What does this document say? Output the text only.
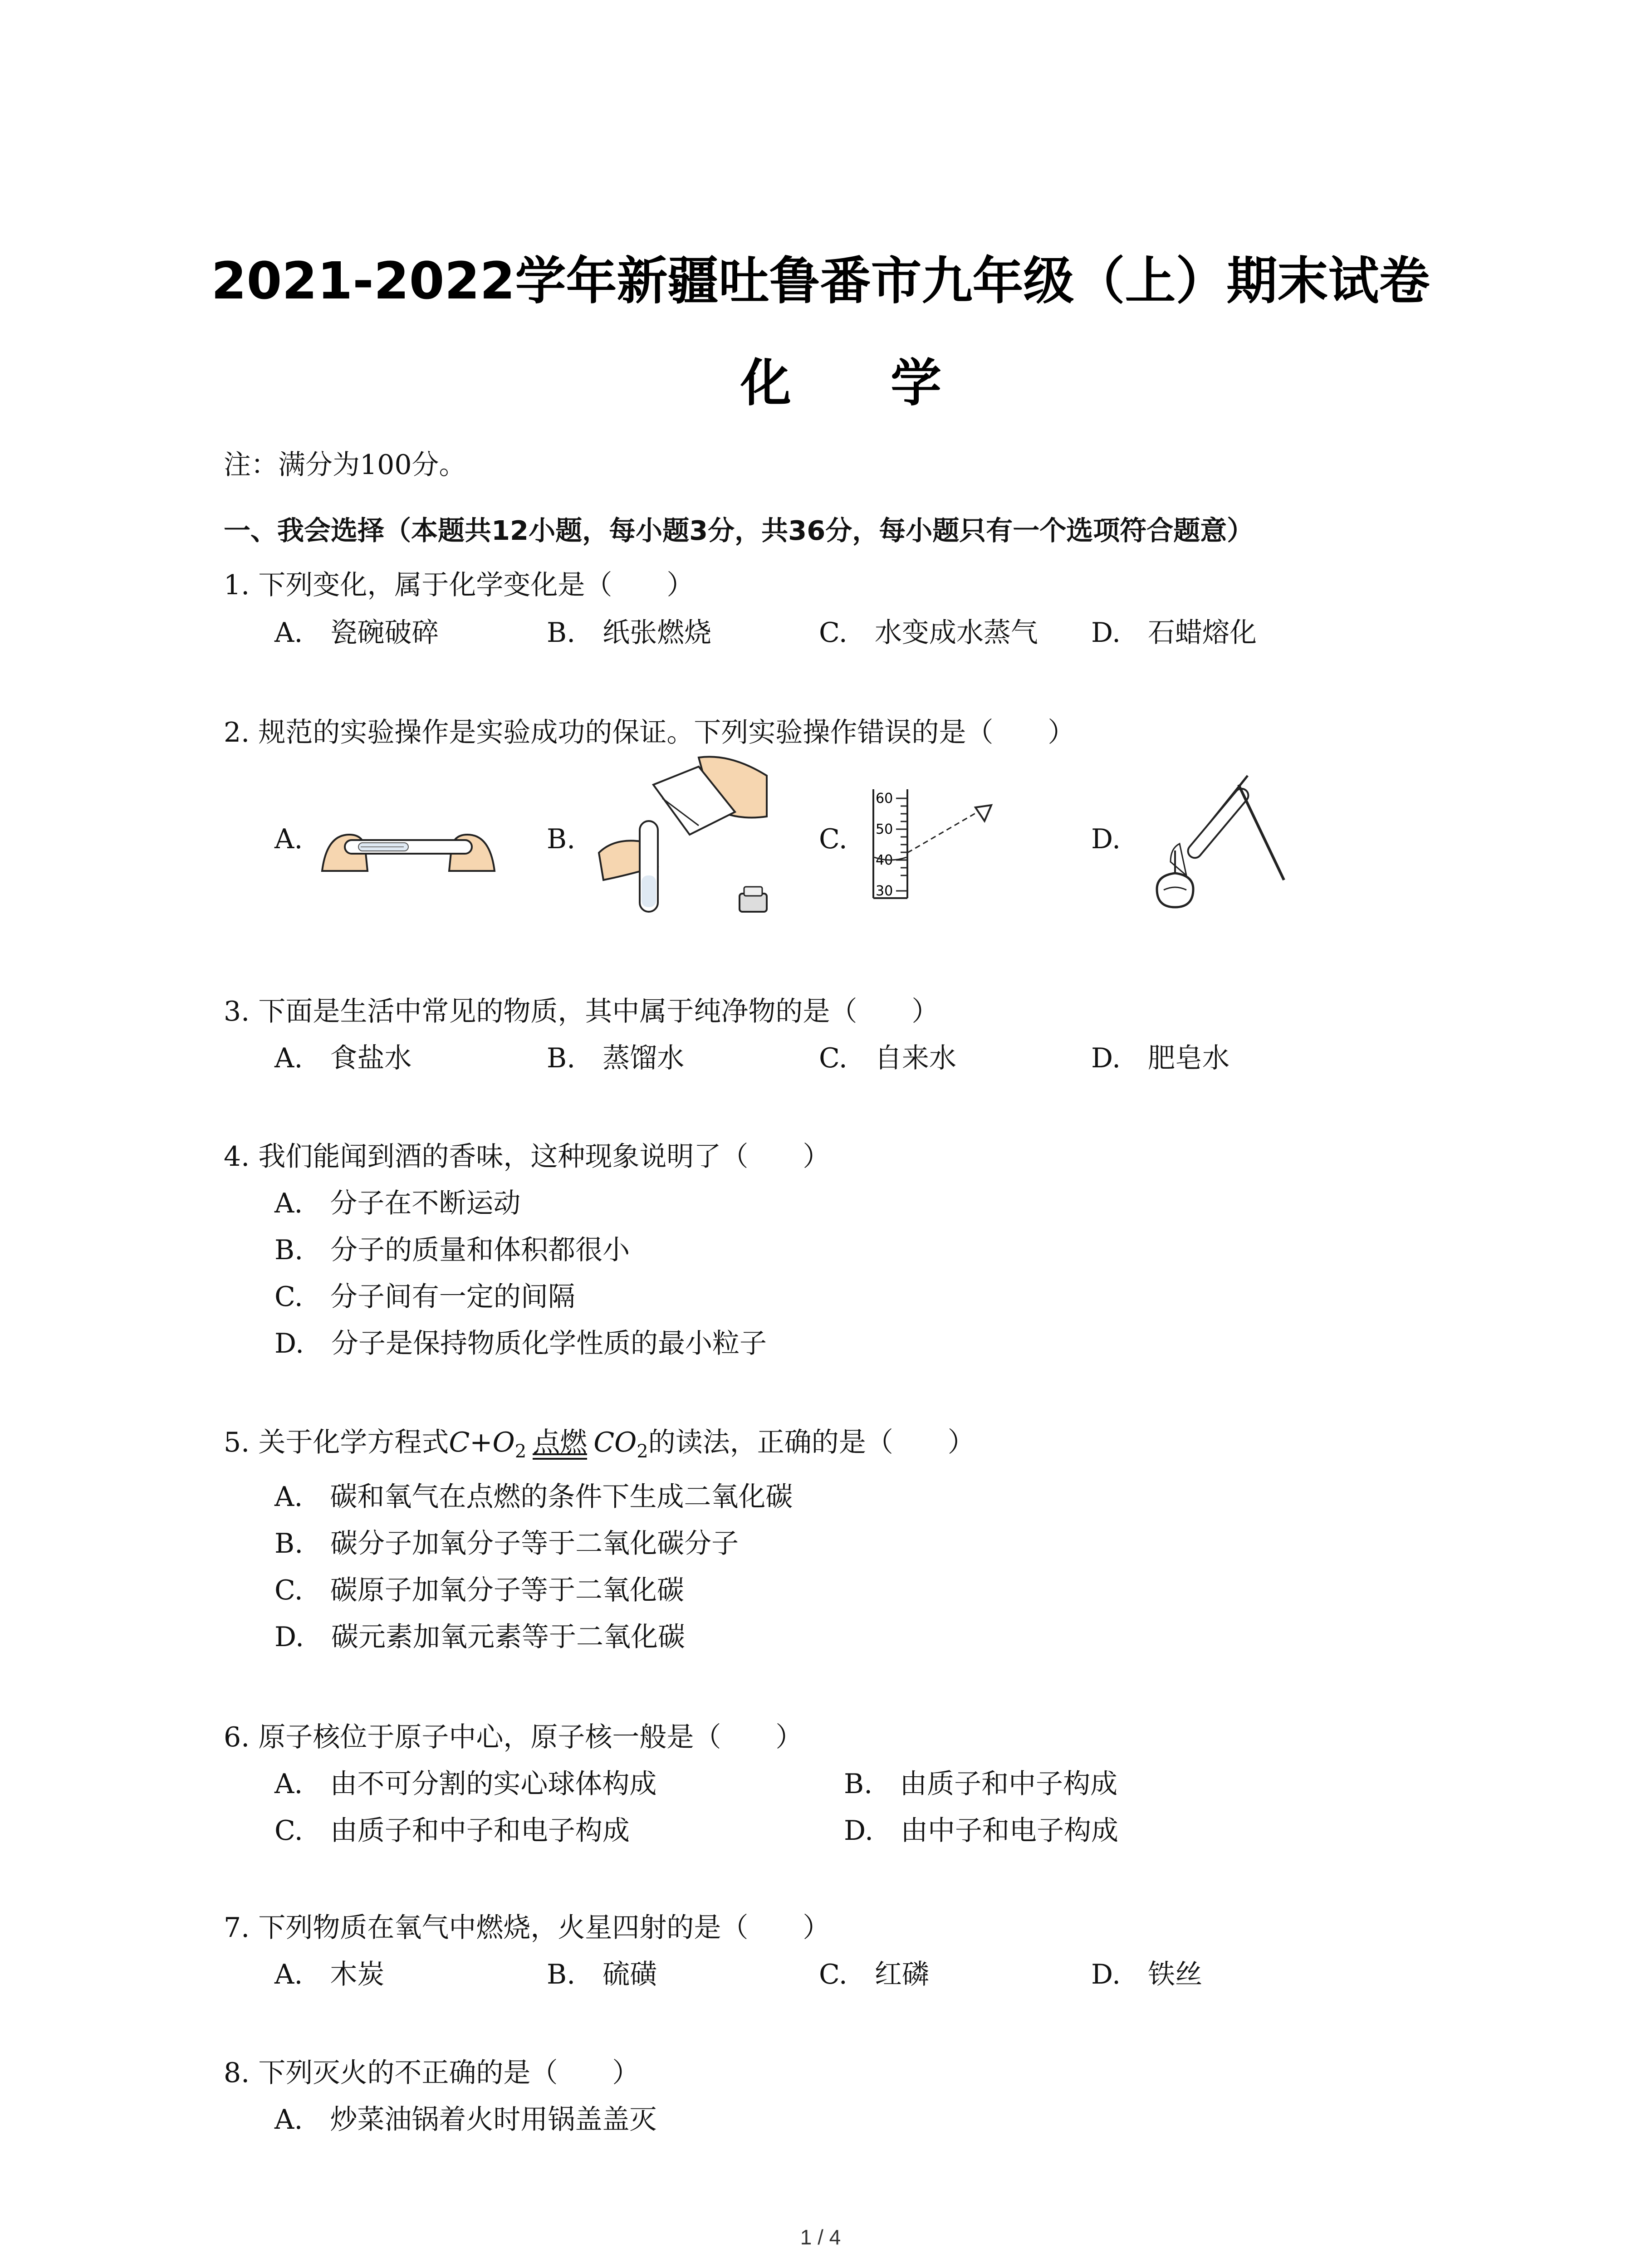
2021-2022学年新疆吐鲁番市九年级（上）期末试卷
化 学
注：满分为100分。
一、我会选择（本题共12小题，每小题3分，共36分，每小题只有一个选项符合题意）
1. 下列变化，属于化学变化是（　　）
A.　瓷碗破碎	B.　纸张燃烧	C.　水变成水蒸气 D.　石蜡熔化
2. 规范的实验操作是实验成功的保证。下列实验操作错误的是（　　）
A.	B.	C.	D.
60
50
40
30
3. 下面是生活中常见的物质，其中属于纯净物的是（　　）
A.　食盐水	B.　蒸馏水	C.　自来水	D.　肥皂水
4. 我们能闻到酒的香味，这种现象说明了（　　）
A.　分子在不断运动
B.　分子的质量和体积都很小
C.　分子间有一定的间隔
D.　分子是保持物质化学性质的最小粒子
5. 关于化学方程式$C+O_2$ 点燃 $CO_2$的读法，正确的是（　　）
A.　碳和氧气在点燃的条件下生成二氧化碳
B.　碳分子加氧分子等于二氧化碳分子
C.　碳原子加氧分子等于二氧化碳
D.　碳元素加氧元素等于二氧化碳
6. 原子核位于原子中心，原子核一般是（　　）
A.　由不可分割的实心球体构成	B.　由质子和中子构成
C.　由质子和中子和电子构成	D.　由中子和电子构成
7. 下列物质在氧气中燃烧，火星四射的是（　　）
A.　木炭	B.　硫磺	C.　红磷	D.　铁丝
8. 下列灭火的不正确的是（　　）
A.　炒菜油锅着火时用锅盖盖灭
1 / 4
